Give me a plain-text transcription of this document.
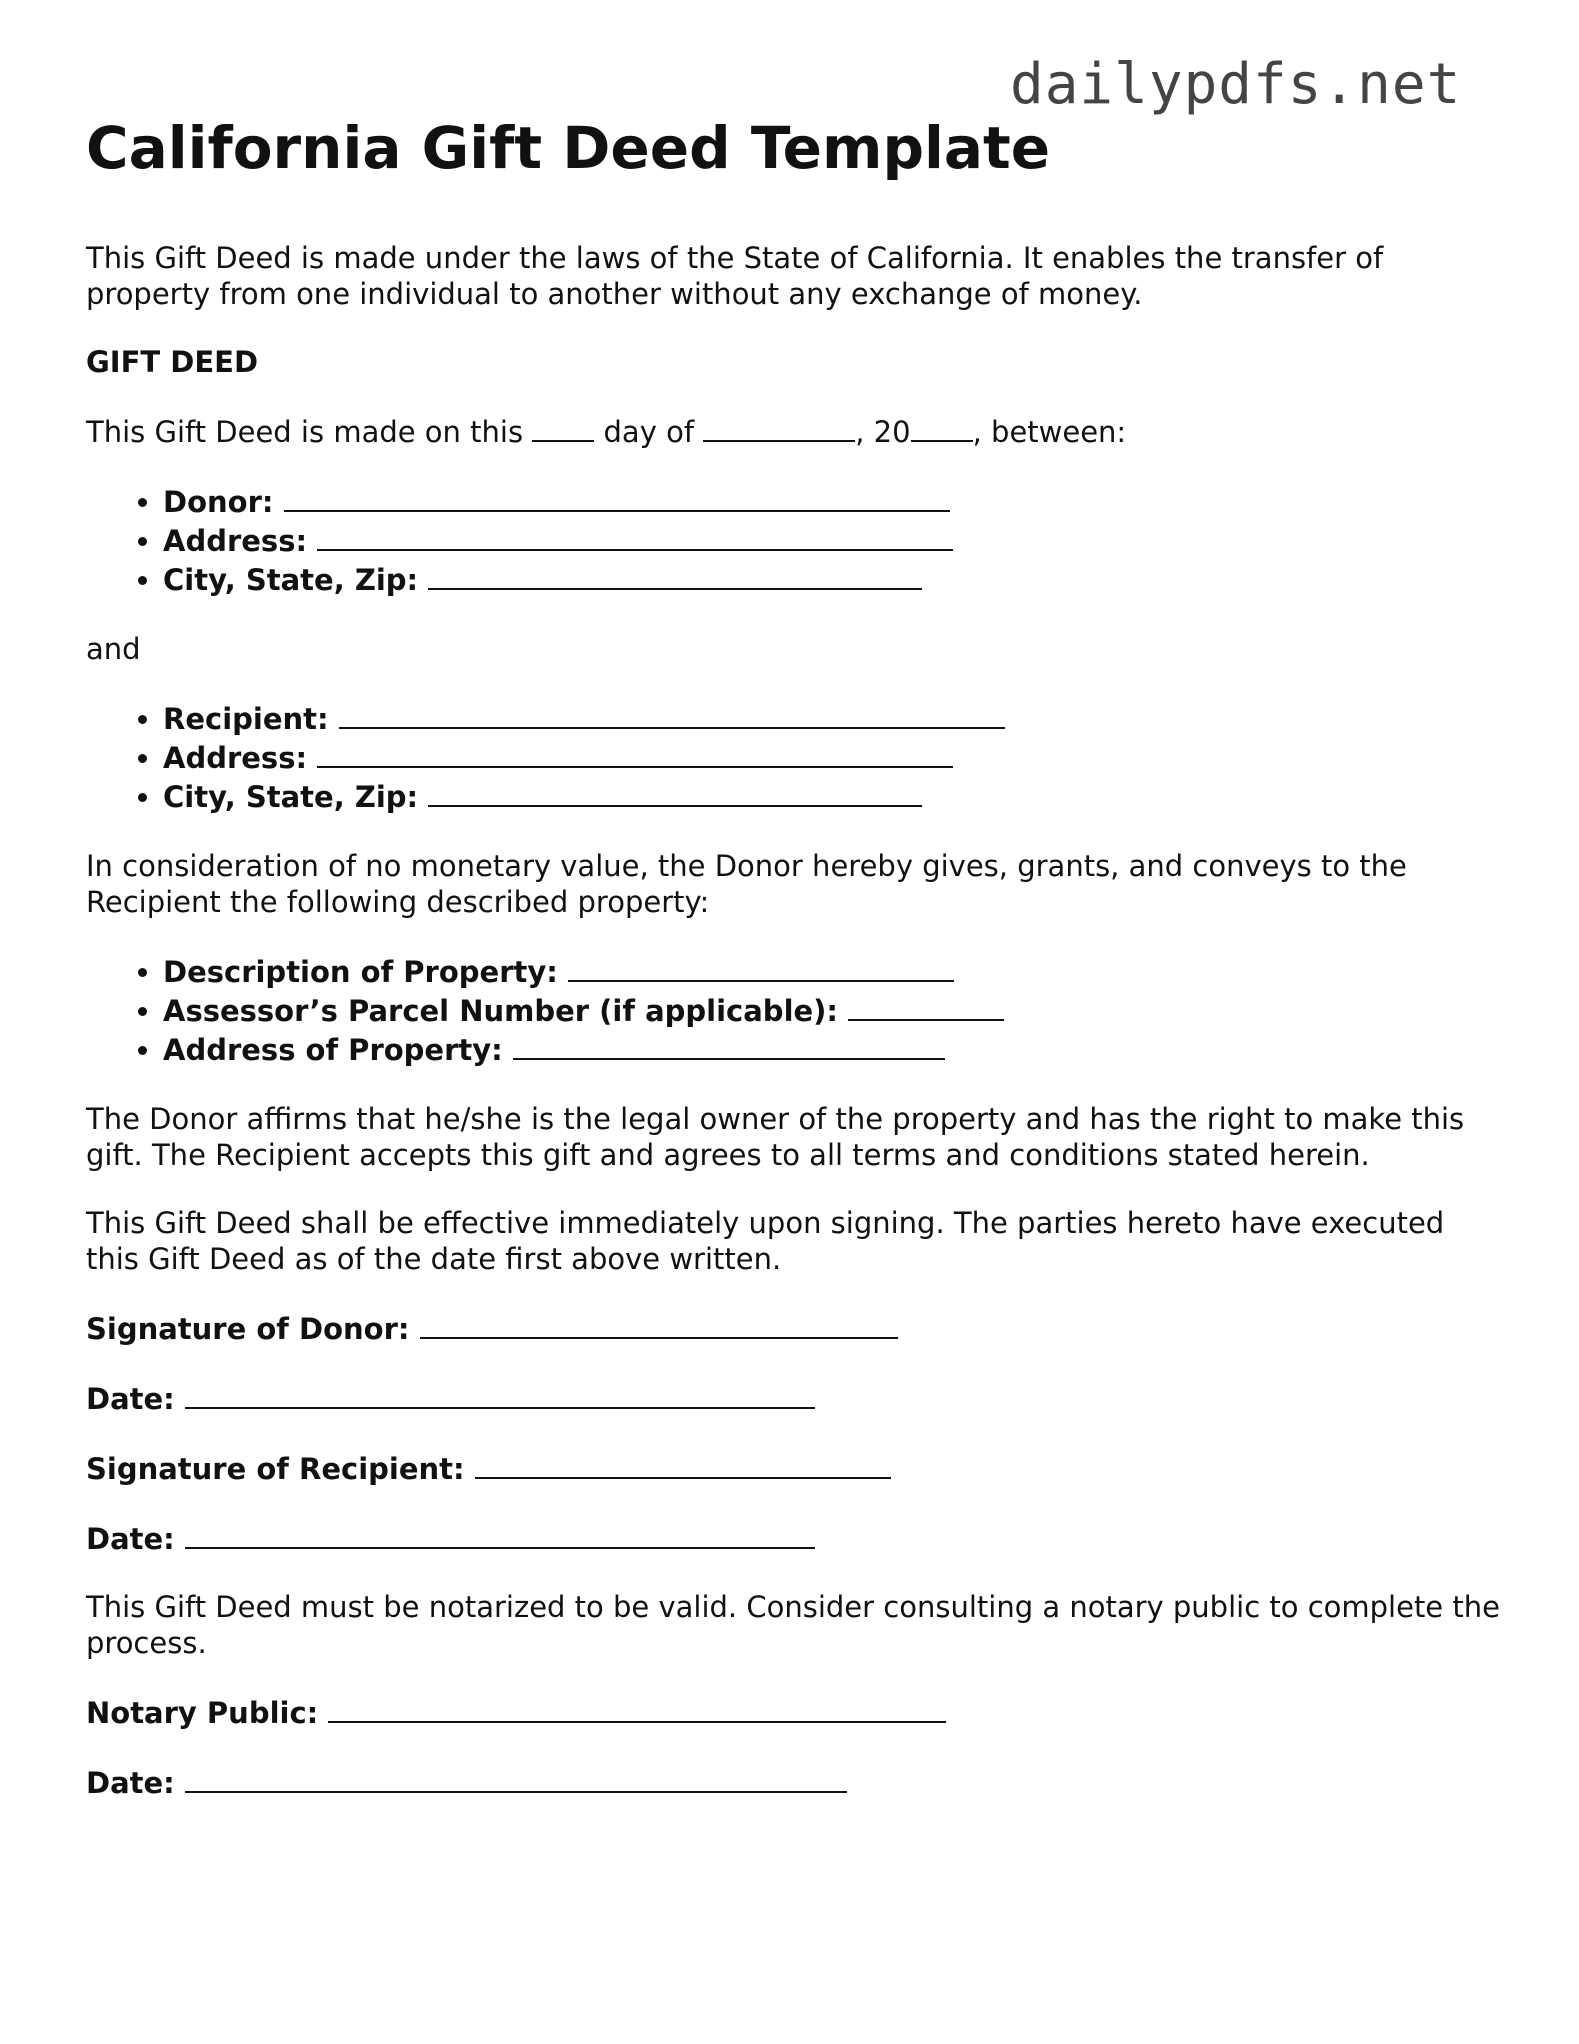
dailypdfs.net
California Gift Deed Template

This Gift Deed is made under the laws of the State of California. It enables the transfer of property from one individual to another without any exchange of money.

GIFT DEED

This Gift Deed is made on this	day of	, 20 , between:

• Donor:
• Address:
• City, State, Zip:

and

• Recipient:
• Address:
• City, State, Zip:

In consideration of no monetary value, the Donor hereby gives, grants, and conveys to the Recipient the following described property:

• Description of Property:
• Assessor’s Parcel Number (if applicable):
• Address of Property:

The Donor affirms that he/she is the legal owner of the property and has the right to make this gift. The Recipient accepts this gift and agrees to all terms and conditions stated herein.

This Gift Deed shall be effective immediately upon signing. The parties hereto have executed this Gift Deed as of the date first above written.

Signature of Donor:

Date:

Signature of Recipient:

Date:

This Gift Deed must be notarized to be valid. Consider consulting a notary public to complete the process.

Notary Public:

Date:
